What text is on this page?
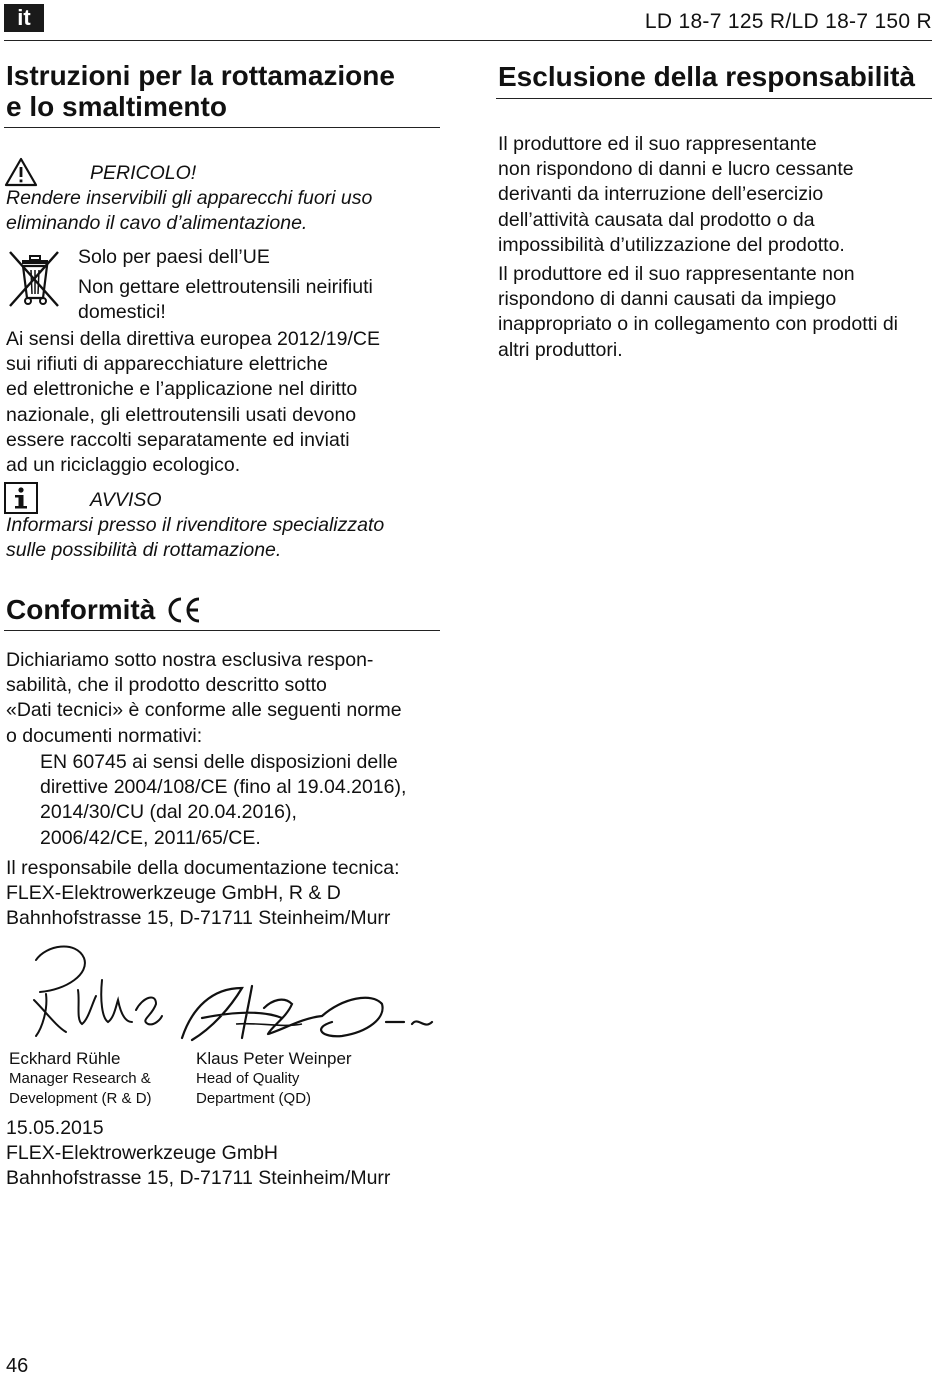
it	LD 18-7 125 R/LD 18-7 150 R
Istruzioni per la rottamazione
e lo smaltimento
PERICOLO!
Rendere inservibili gli apparecchi fuori uso
eliminando il cavo d’alimentazione.
Solo per paesi dell’UE
Non gettare elettroutensili neirifiuti
domestici!
Ai sensi della direttiva europea 2012/19/CE
sui rifiuti di apparecchiature elettriche
ed elettroniche e l’applicazione nel diritto
nazionale, gli elettroutensili usati devono
essere raccolti separatamente ed inviati
ad un riciclaggio ecologico.
AVVISO
Informarsi presso il rivenditore specializzato
sulle possibilità di rottamazione.
Conformità
Dichiariamo sotto nostra esclusiva respon-
sabilità, che il prodotto descritto sotto
«Dati tecnici» è conforme alle seguenti norme
o documenti normativi:
EN 60745 ai sensi delle disposizioni delle
direttive 2004/108/CE (fino al 19.04.2016),
2014/30/CU (dal 20.04.2016),
2006/42/CE, 2011/65/CE.
Il responsabile della documentazione tecnica:
FLEX-Elektrowerkzeuge GmbH, R & D
Bahnhofstrasse 15, D-71711 Steinheim/Murr
Eckhard Rühle
Manager Research &
Development (R & D)
Klaus Peter Weinper
Head of Quality
Department (QD)
15.05.2015
FLEX-Elektrowerkzeuge GmbH
Bahnhofstrasse 15, D-71711 Steinheim/Murr
Esclusione della responsabilità
Il produttore ed il suo rappresentante
non rispondono di danni e lucro cessante
derivanti da interruzione dell’esercizio
dell’attività causata dal prodotto o da
impossibilità d’utilizzazione del prodotto.
Il produttore ed il suo rappresentante non
rispondono di danni causati da impiego
inappropriato o in collegamento con prodotti di
altri produttori.
46
